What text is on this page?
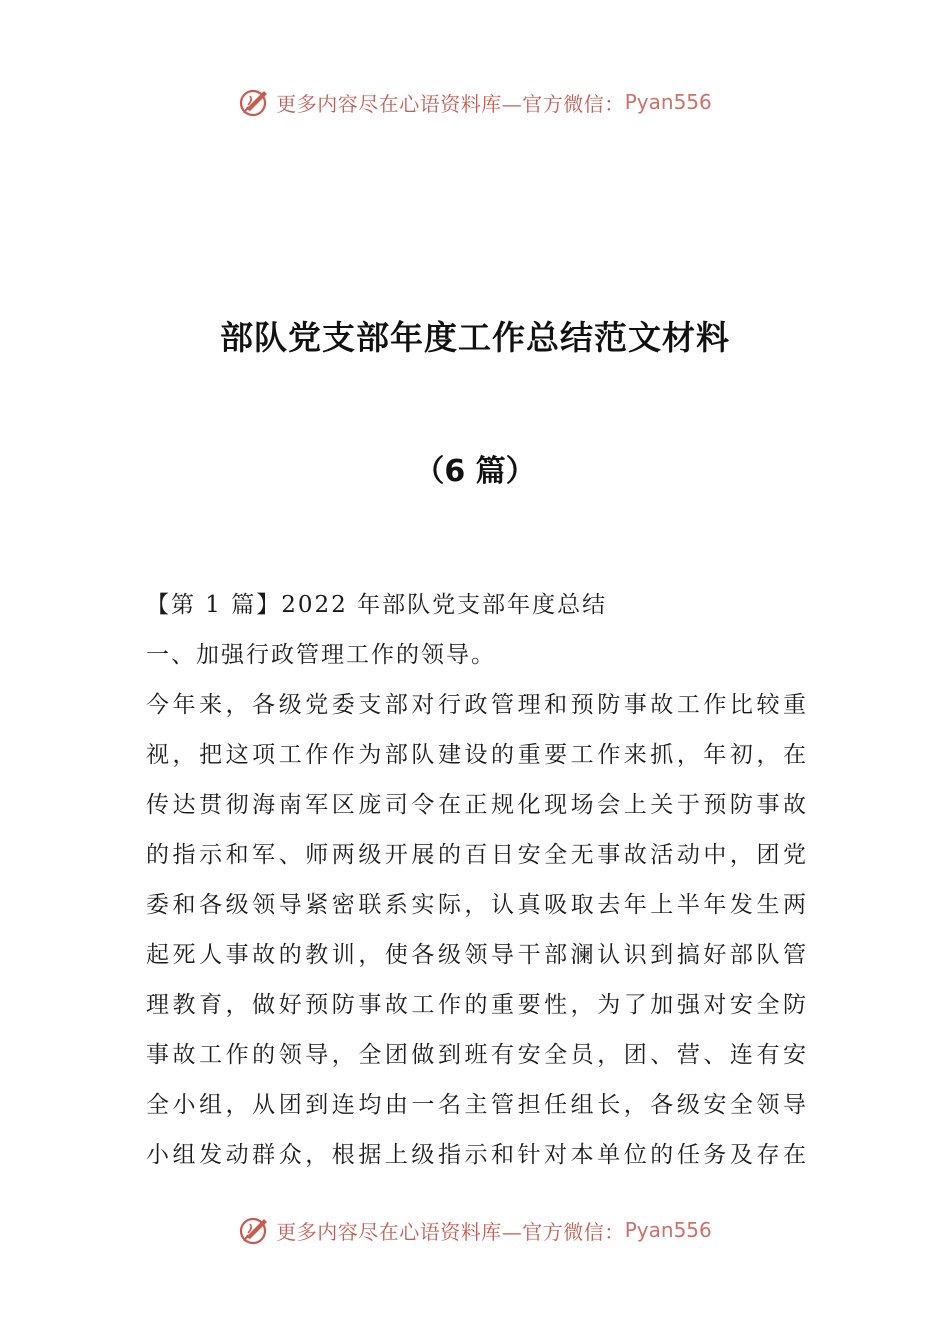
更多内容尽在心语资料库—官方微信： Pyan556
部队党支部年度工作总结范文材料
（6 篇）
【第 1 篇】2022 年部队党支部年度总结
一、加强行政管理工作的领导。
今年来，各级党委支部对行政管理和预防事故工作比较重
视，把这项工作作为部队建设的重要工作来抓，年初，在
传达贯彻海南军区庞司令在正规化现场会上关于预防事故
的指示和军、师两级开展的百日安全无事故活动中，团党
委和各级领导紧密联系实际，认真吸取去年上半年发生两
起死人事故的教训，使各级领导干部澜认识到搞好部队管
理教育，做好预防事故工作的重要性，为了加强对安全防
事故工作的领导，全团做到班有安全员，团、营、连有安
全小组，从团到连均由一名主管担任组长，各级安全领导
小组发动群众，根据上级指示和针对本单位的任务及存在
更多内容尽在心语资料库—官方微信： Pyan556
